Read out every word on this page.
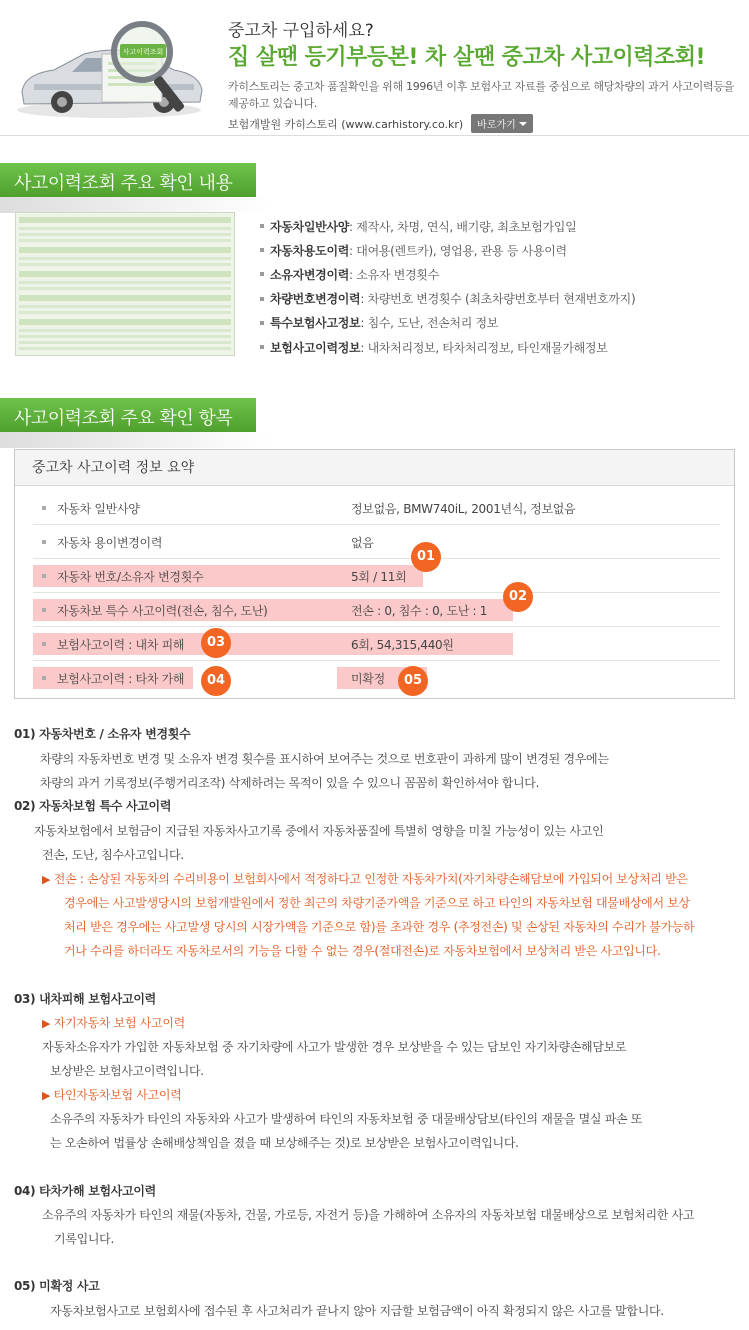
사고이력조회
중고차 구입하세요?
집 살땐 등기부등본! 차 살땐 중고차 사고이력조회!
카히스토리는 중고차 품질확인을 위해 1996년 이후 보험사고 자료를 중심으로 해당차량의 과거 사고이력등을
제공하고 있습니다.
보험개발원 카히스토리 (www.carhistory.co.kr) 바로가기
사고이력조회 주요 확인 내용
자동차일반사양 : 제작사, 차명, 연식, 배기량, 최초보험가입일
자동차용도이력 : 대여용(렌트카), 영업용, 관용 등 사용이력
소유자변경이력 : 소유자 변경횟수
차량번호변경이력 : 차량번호 변경횟수 (최초차량번호부터 현재번호까지)
특수보험사고정보 : 침수, 도난, 전손처리 정보
보험사고이력정보 : 내차처리정보, 타차처리정보, 타인재물가해정보
사고이력조회 주요 확인 항목
중고차 사고이력 정보 요약
자동차 일반사양	정보없음, BMW740iL, 2001년식, 정보없음
자동차 용이변경이력	없음
자동차 번호/소유자 변경횟수	5회 / 11회
자동차보 특수 사고이력(전손, 침수, 도난)	전손 : 0, 침수 : 0, 도난 : 1
보험사고이력 : 내차 피해	6회, 54,315,440원
보험사고이력 : 타차 가해	미확정
01
02
03
04	05
01) 자동차번호 / 소유자 변경횟수
차량의 자동차번호 변경 및 소유자 변경 횟수를 표시하여 보여주는 것으로 번호판이 과하게 많이 변경된 경우에는
차량의 과거 기록정보(주행거리조작) 삭제하려는 목적이 있을 수 있으니 꼼꼼히 확인하셔야 합니다.
02) 자동차보험 특수 사고이력
자동차보험에서 보험금이 지급된 자동차사고기록 중에서 자동차품질에 특별히 영향을 미칠 가능성이 있는 사고인
전손, 도난, 침수사고입니다.
▶ 전손 : 손상된 자동차의 수리비용이 보험회사에서 적정하다고 인정한 자동차가치(자기차량손해담보에 가입되어 보상처리 받은
경우에는 사고발생당시의 보험개발원에서 정한 최근의 차량기준가액을 기준으로 하고 타인의 자동차보험 대물배상에서 보상
처리 받은 경우에는 사고발생 당시의 시장가액을 기준으로 함)를 초과한 경우 (추정전손) 및 손상된 자동차의 수리가 불가능하
거나 수리를 하더라도 자동차로서의 기능을 다할 수 없는 경우(절대전손)로 자동차보험에서 보상처리 받은 사고입니다.
03) 내차피해 보험사고이력
▶ 자기자동차 보험 사고이력
자동차소유자가 가입한 자동차보험 중 자기차량에 사고가 발생한 경우 보상받을 수 있는 담보인 자기차량손해담보로
보상받은 보험사고이력입니다.
▶ 타인자동차보험 사고이력
소유주의 자동차가 타인의 자동차와 사고가 발생하여 타인의 자동차보험 중 대물배상담보(타인의 재물을 멸실 파손 또
는 오손하여 법률상 손해배상책임을 졌을 때 보상해주는 것)로 보상받은 보험사고이력입니다.
04) 타차가해 보험사고이력
소유주의 자동차가 타인의 재물(자동차, 건물, 가로등, 자전거 등)을 가해하여 소유자의 자동차보험 대물배상으로 보험처리한 사고
기록입니다.
05) 미확정 사고
자동차보험사고로 보험회사에 접수된 후 사고처리가 끝나지 않아 지급할 보험금액이 아직 확정되지 않은 사고를 말합니다.
